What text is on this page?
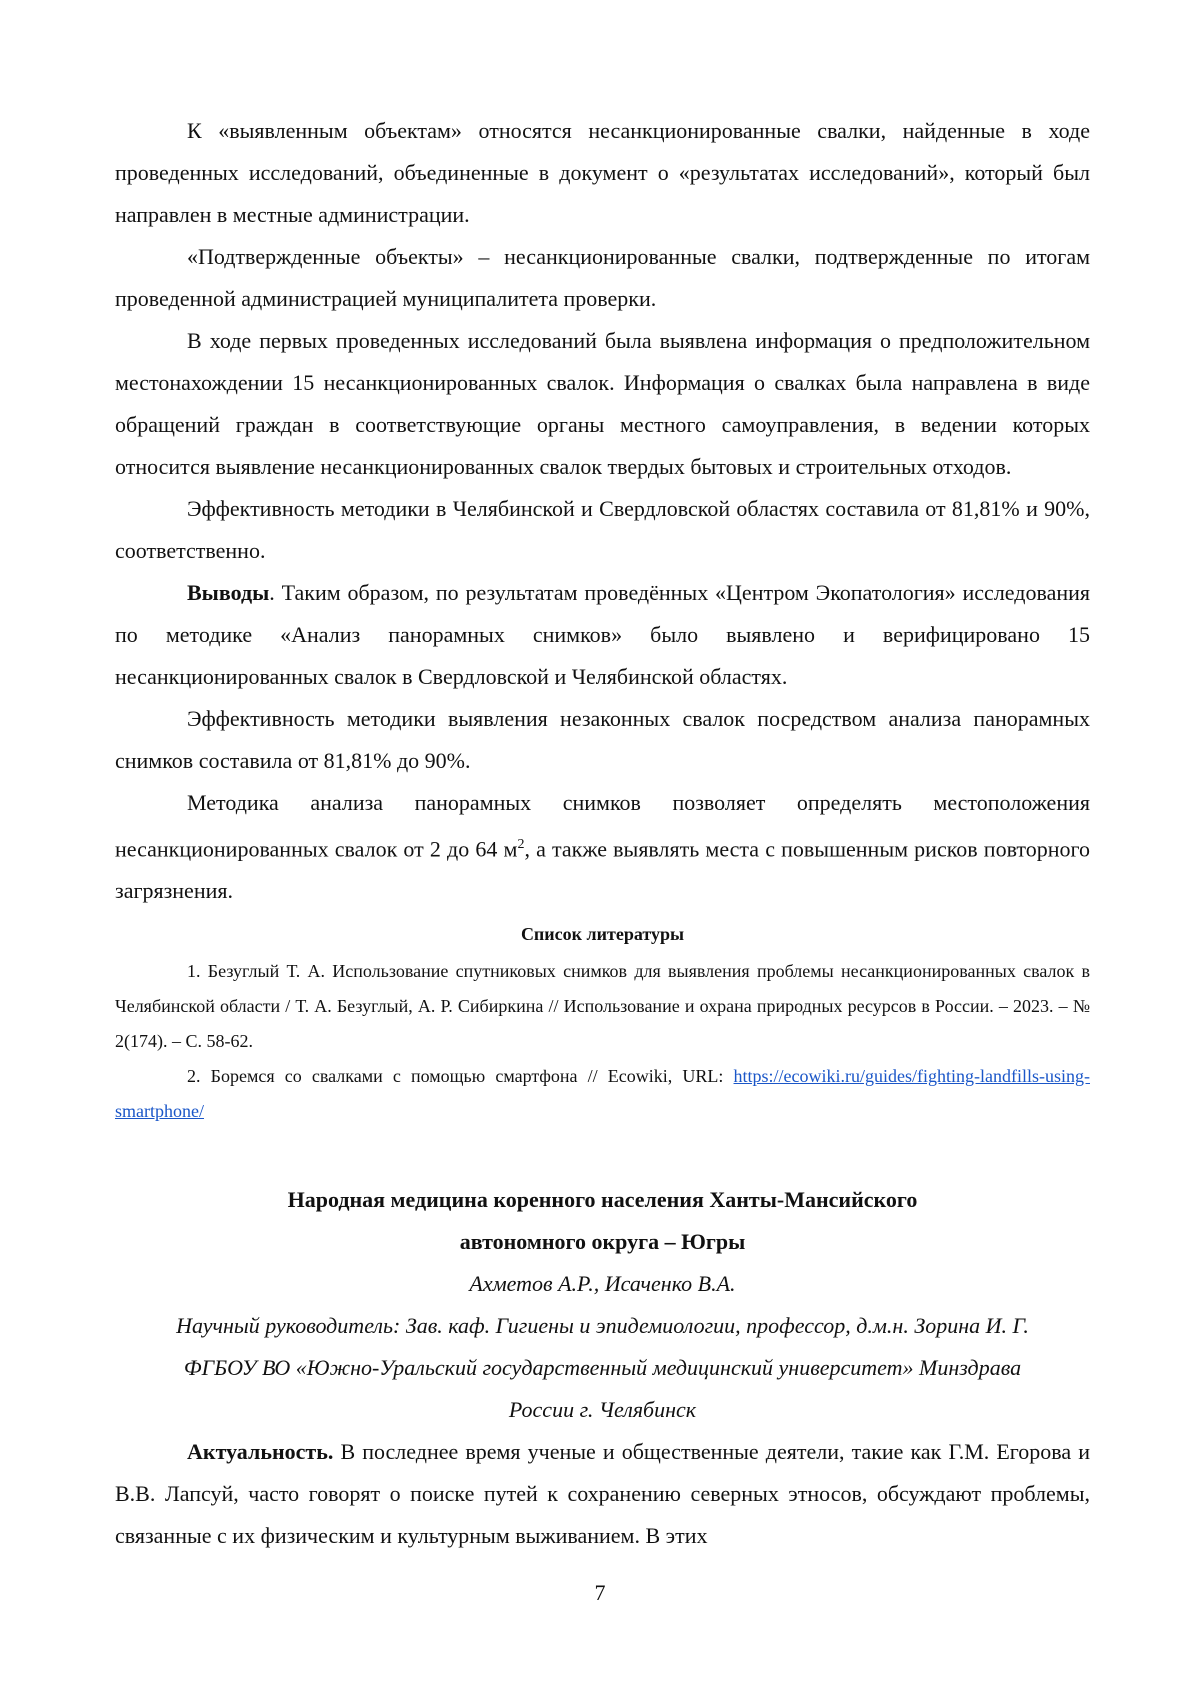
К «выявленным объектам» относятся несанкционированные свалки, найденные в ходе проведенных исследований, объединенные в документ о «результатах исследований», который был направлен в местные администрации.

«Подтвержденные объекты» – несанкционированные свалки, подтвержденные по итогам проведенной администрацией муниципалитета проверки.

В ходе первых проведенных исследований была выявлена информация о предположительном местонахождении 15 несанкционированных свалок. Информация о свалках была направлена в виде обращений граждан в соответствующие органы местного самоуправления, в ведении которых относится выявление несанкционированных свалок твердых бытовых и строительных отходов.

Эффективность методики в Челябинской и Свердловской областях составила от 81,81% и 90%, соответственно.

Выводы. Таким образом, по результатам проведённых «Центром Экопатология» исследования по методике «Анализ панорамных снимков» было выявлено и верифицировано 15 несанкционированных свалок в Свердловской и Челябинской областях.

Эффективность методики выявления незаконных свалок посредством анализа панорамных снимков составила от 81,81% до 90%.

Методика анализа панорамных снимков позволяет определять местоположения несанкционированных свалок от 2 до 64 м2, а также выявлять места с повышенным рисков повторного загрязнения.

Список литературы

1. Безуглый Т. А. Использование спутниковых снимков для выявления проблемы несанкционированных свалок в Челябинской области / Т. А. Безуглый, А. Р. Сибиркина // Использование и охрана природных ресурсов в России. – 2023. – № 2(174). – С. 58-62.

2. Боремся со свалками с помощью смартфона // Ecowiki, URL: https://ecowiki.ru/guides/fighting-landfills-using-smartphone/

Народная медицина коренного населения Ханты-Мансийского
автономного округа – Югры

Ахметов А.Р., Исаченко В.А.

Научный руководитель: Зав. каф. Гигиены и эпидемиологии, профессор, д.м.н. Зорина И. Г.

ФГБОУ ВО «Южно-Уральский государственный медицинский университет» Минздрава

России г. Челябинск

Актуальность. В последнее время ученые и общественные деятели, такие как Г.М. Егорова и В.В. Лапсуй, часто говорят о поиске путей к сохранению северных этносов, обсуждают проблемы, связанные с их физическим и культурным выживанием. В этих

7
